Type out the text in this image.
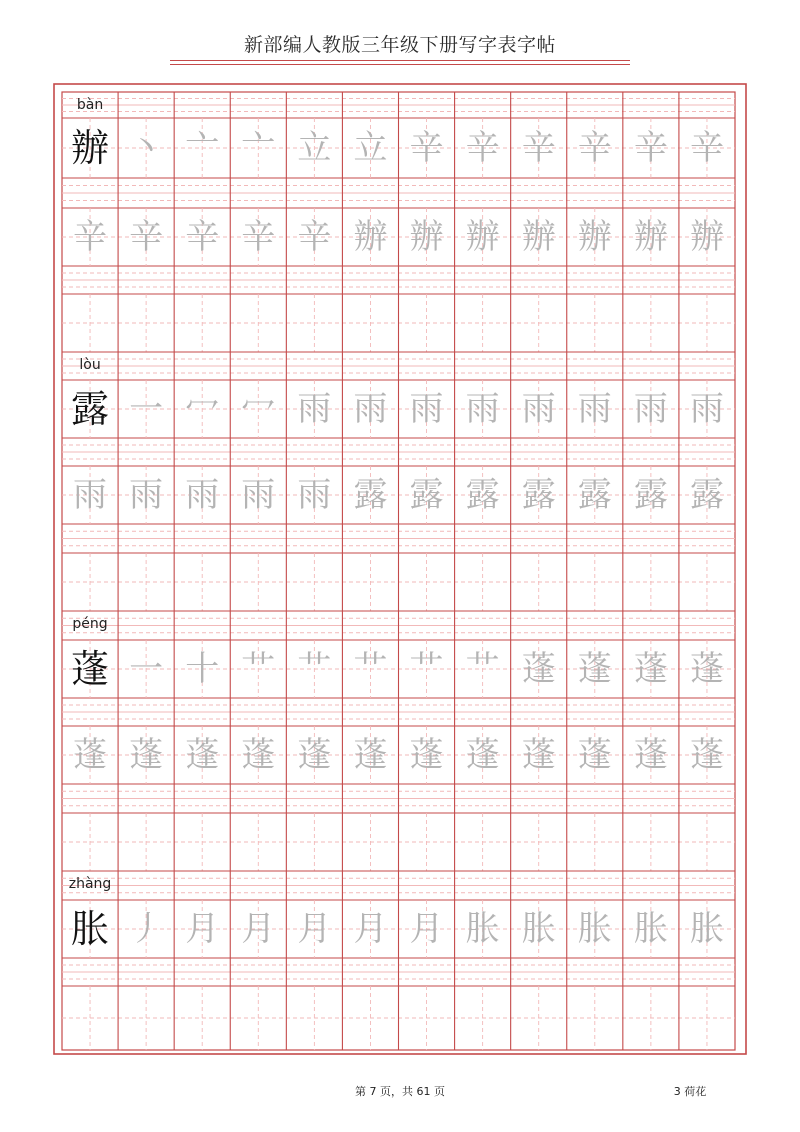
新部编人教版三年级下册写字表字帖
bàn
辦 丶 亠 亠 立 立 辛 辛 辛 辛 辛 辛
辛 辛 辛 辛 辛 辦 辦 辦 辦 辦 辦 辦
lòu
露 一 冖 冖 雨 雨 雨 雨 雨 雨 雨 雨
雨 雨 雨 雨 雨 露 露 露 露 露 露 露
péng
蓬 一 十 艹 艹 艹 艹 艹 蓬 蓬 蓬 蓬
蓬 蓬 蓬 蓬 蓬 蓬 蓬 蓬 蓬 蓬 蓬 蓬
zhàng
胀 丿 月 月 月 月 月 胀 胀 胀 胀 胀
第 7 页，共 61 页	3 荷花
